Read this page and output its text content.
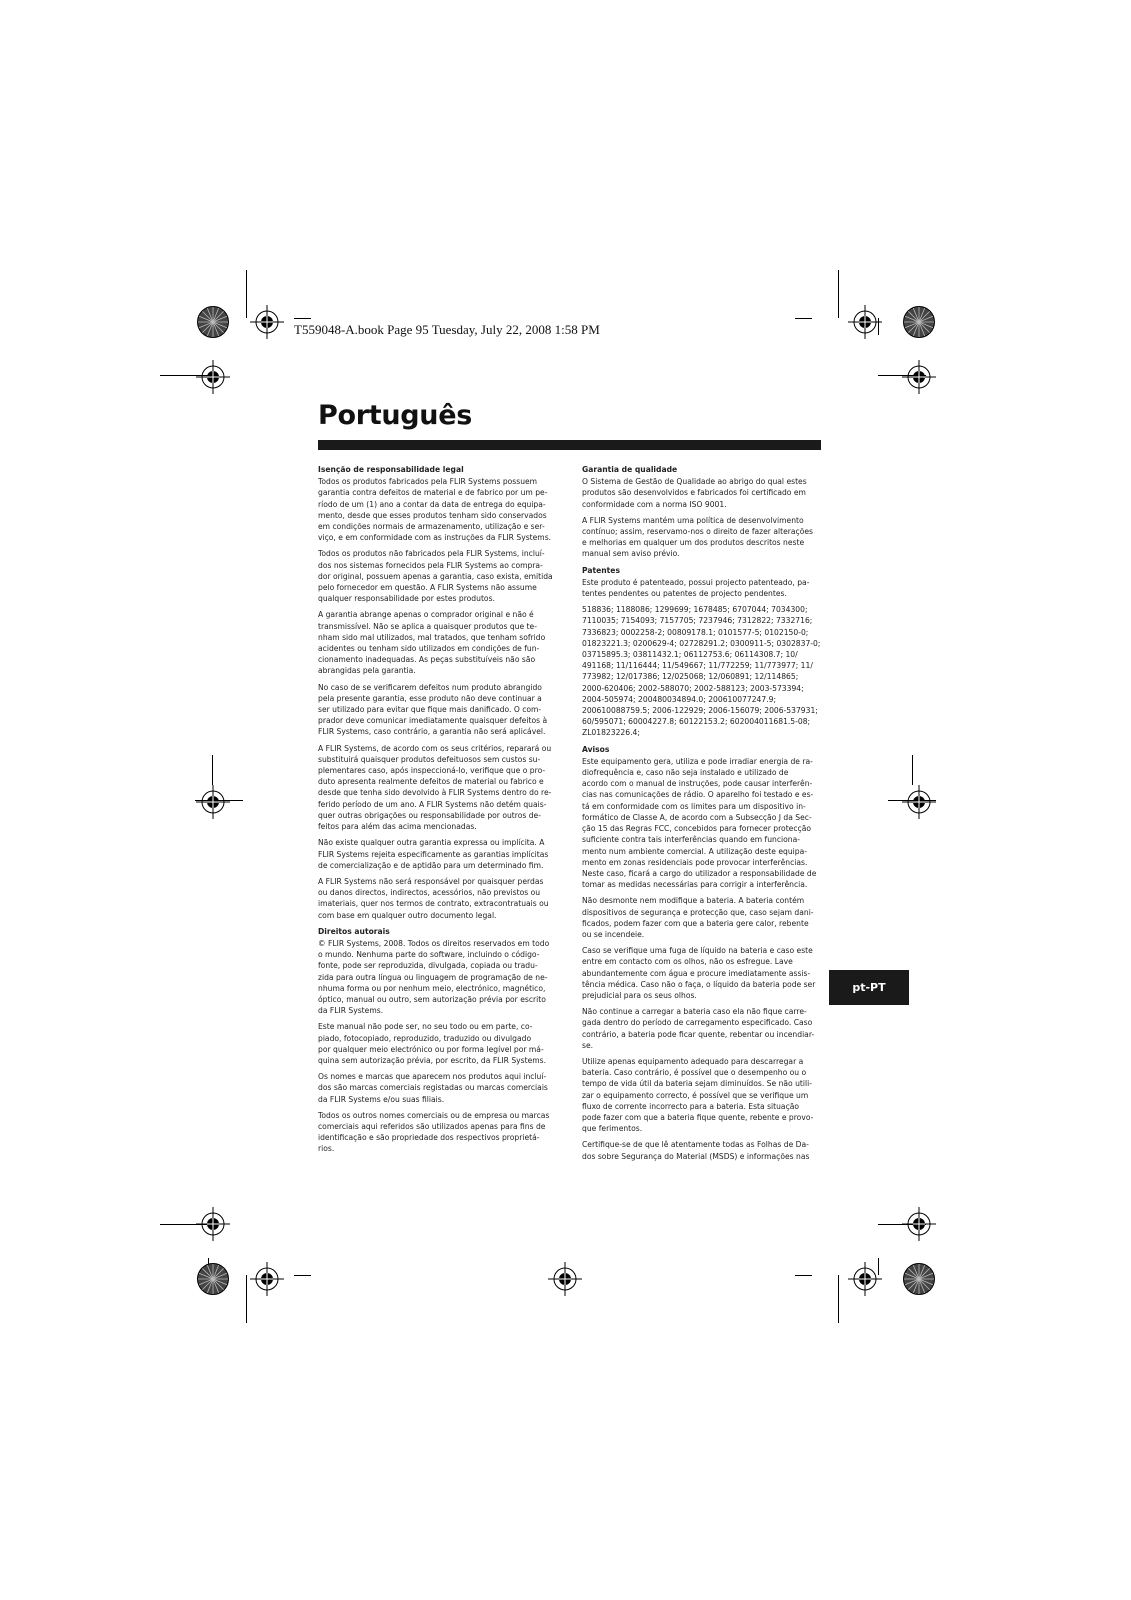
T559048-A.book Page 95 Tuesday, July 22, 2008 1:58 PM
Português
Isenção de responsabilidade legal

Todos os produtos fabricados pela FLIR Systems possuem
garantia contra defeitos de material e de fabrico por um pe-
ríodo de um (1) ano a contar da data de entrega do equipa-
mento, desde que esses produtos tenham sido conservados
em condições normais de armazenamento, utilização e ser-
viço, e em conformidade com as instruções da FLIR Systems.

Todos os produtos não fabricados pela FLIR Systems, incluí-
dos nos sistemas fornecidos pela FLIR Systems ao compra-
dor original, possuem apenas a garantia, caso exista, emitida
pelo fornecedor em questão. A FLIR Systems não assume
qualquer responsabilidade por estes produtos.

A garantia abrange apenas o comprador original e não é
transmissível. Não se aplica a quaisquer produtos que te-
nham sido mal utilizados, mal tratados, que tenham sofrido
acidentes ou tenham sido utilizados em condições de fun-
cionamento inadequadas. As peças substituíveis não são
abrangidas pela garantia.

No caso de se verificarem defeitos num produto abrangido
pela presente garantia, esse produto não deve continuar a
ser utilizado para evitar que fique mais danificado. O com-
prador deve comunicar imediatamente quaisquer defeitos à
FLIR Systems, caso contrário, a garantia não será aplicável.

A FLIR Systems, de acordo com os seus critérios, reparará ou
substituirá quaisquer produtos defeituosos sem custos su-
plementares caso, após inspeccioná-lo, verifique que o pro-
duto apresenta realmente defeitos de material ou fabrico e
desde que tenha sido devolvido à FLIR Systems dentro do re-
ferido período de um ano. A FLIR Systems não detém quais-
quer outras obrigações ou responsabilidade por outros de-
feitos para além das acima mencionadas.

Não existe qualquer outra garantia expressa ou implícita. A
FLIR Systems rejeita especificamente as garantias implícitas
de comercialização e de aptidão para um determinado fim.

A FLIR Systems não será responsável por quaisquer perdas
ou danos directos, indirectos, acessórios, não previstos ou
imateriais, quer nos termos de contrato, extracontratuais ou
com base em qualquer outro documento legal.

Direitos autorais

© FLIR Systems, 2008. Todos os direitos reservados em todo
o mundo. Nenhuma parte do software, incluindo o código-
fonte, pode ser reproduzida, divulgada, copiada ou tradu-
zida para outra língua ou linguagem de programação de ne-
nhuma forma ou por nenhum meio, electrónico, magnético,
óptico, manual ou outro, sem autorização prévia por escrito
da FLIR Systems.

Este manual não pode ser, no seu todo ou em parte, co-
piado, fotocopiado, reproduzido, traduzido ou divulgado
por qualquer meio electrónico ou por forma legível por má-
quina sem autorização prévia, por escrito, da FLIR Systems.

Os nomes e marcas que aparecem nos produtos aqui incluí-
dos são marcas comerciais registadas ou marcas comerciais
da FLIR Systems e/ou suas filiais.

Todos os outros nomes comerciais ou de empresa ou marcas
comerciais aqui referidos são utilizados apenas para fins de
identificação e são propriedade dos respectivos proprietá-
rios.

Garantia de qualidade

O Sistema de Gestão de Qualidade ao abrigo do qual estes
produtos são desenvolvidos e fabricados foi certificado em
conformidade com a norma ISO 9001.

A FLIR Systems mantém uma política de desenvolvimento
contínuo; assim, reservamo-nos o direito de fazer alterações
e melhorias em qualquer um dos produtos descritos neste
manual sem aviso prévio.

Patentes

Este produto é patenteado, possui projecto patenteado, pa-
tentes pendentes ou patentes de projecto pendentes.

518836; 1188086; 1299699; 1678485; 6707044; 7034300;
7110035; 7154093; 7157705; 7237946; 7312822; 7332716;
7336823; 0002258-2; 00809178.1; 0101577-5; 0102150-0;
01823221.3; 0200629-4; 02728291.2; 0300911-5; 0302837-0;
03715895.3; 03811432.1; 06112753.6; 06114308.7; 10/
491168; 11/116444; 11/549667; 11/772259; 11/773977; 11/
773982; 12/017386; 12/025068; 12/060891; 12/114865;
2000-620406; 2002-588070; 2002-588123; 2003-573394;
2004-505974; 200480034894.0; 200610077247.9;
200610088759.5; 2006-122929; 2006-156079; 2006-537931;
60/595071; 60004227.8; 60122153.2; 602004011681.5-08;
ZL01823226.4;

Avisos

Este equipamento gera, utiliza e pode irradiar energia de ra-
diofrequência e, caso não seja instalado e utilizado de
acordo com o manual de instruções, pode causar interferên-
cias nas comunicações de rádio. O aparelho foi testado e es-
tá em conformidade com os limites para um dispositivo in-
formático de Classe A, de acordo com a Subsecção J da Sec-
ção 15 das Regras FCC, concebidos para fornecer protecção
suficiente contra tais interferências quando em funciona-
mento num ambiente comercial. A utilização deste equipa-
mento em zonas residenciais pode provocar interferências.
Neste caso, ficará a cargo do utilizador a responsabilidade de
tomar as medidas necessárias para corrigir a interferência.

Não desmonte nem modifique a bateria. A bateria contém
dispositivos de segurança e protecção que, caso sejam dani-
ficados, podem fazer com que a bateria gere calor, rebente
ou se incendeie.

Caso se verifique uma fuga de líquido na bateria e caso este
entre em contacto com os olhos, não os esfregue. Lave
abundantemente com água e procure imediatamente assis-
tência médica. Caso não o faça, o líquido da bateria pode ser
prejudicial para os seus olhos.

Não continue a carregar a bateria caso ela não fique carre-
gada dentro do período de carregamento especificado. Caso
contrário, a bateria pode ficar quente, rebentar ou incendiar-
se.

Utilize apenas equipamento adequado para descarregar a
bateria. Caso contrário, é possível que o desempenho ou o
tempo de vida útil da bateria sejam diminuídos. Se não utili-
zar o equipamento correcto, é possível que se verifique um
fluxo de corrente incorrecto para a bateria. Esta situação
pode fazer com que a bateria fique quente, rebente e provo-
que ferimentos.

Certifique-se de que lê atentamente todas as Folhas de Da-
dos sobre Segurança do Material (MSDS) e informações nas

pt-PT
